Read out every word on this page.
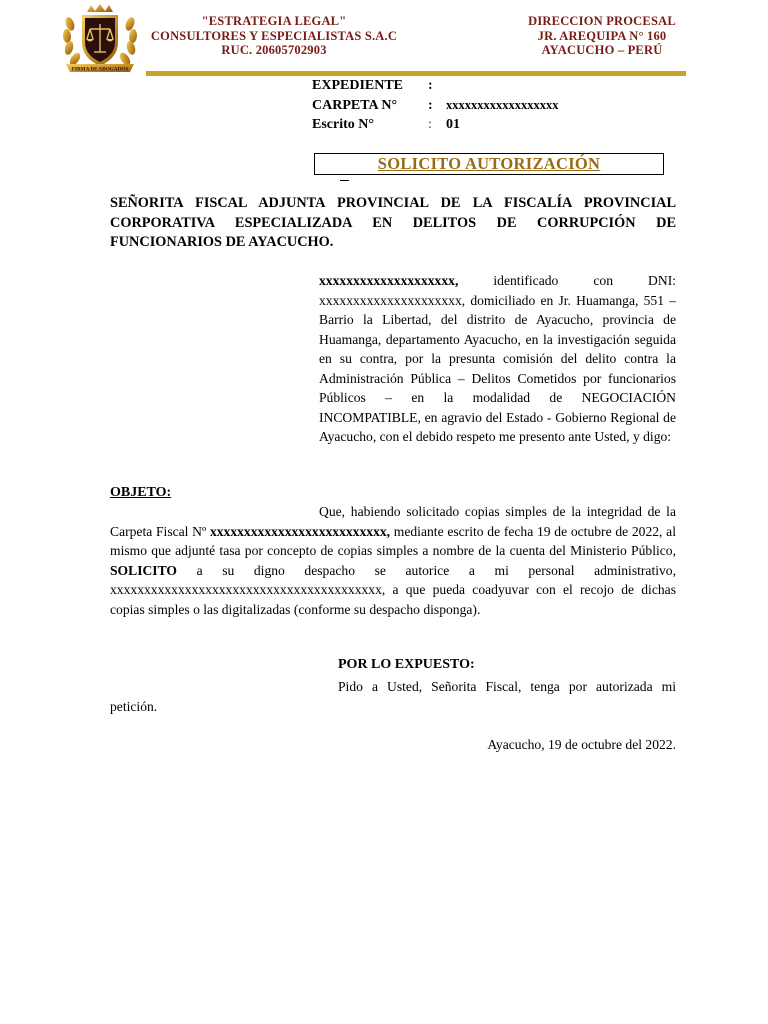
FIRMA DE ABOGADOS
"ESTRATEGIA LEGAL"
CONSULTORES Y ESPECIALISTAS S.A.C
RUC. 20605702903
DIRECCION PROCESAL
JR. AREQUIPA N° 160
AYACUCHO – PERÚ
EXPEDIENTE :
CARPETA N° : xxxxxxxxxxxxxxxxxx
Escrito N°	: 01
SOLICITO AUTORIZACIÓN
SEÑORITA FISCAL ADJUNTA PROVINCIAL DE LA FISCALÍA PROVINCIAL CORPORATIVA ESPECIALIZADA EN DELITOS DE CORRUPCIÓN DE FUNCIONARIOS DE AYACUCHO.
xxxxxxxxxxxxxxxxxxxx, identificado con DNI: xxxxxxxxxxxxxxxxxxxxx, domiciliado en Jr. Huamanga, 551 – Barrio la Libertad, del distrito de Ayacucho, provincia de Huamanga, departamento Ayacucho, en la investigación seguida en su contra, por la presunta comisión del delito contra la Administración Pública – Delitos Cometidos por funcionarios Públicos – en la modalidad de NEGOCIACIÓN INCOMPATIBLE, en agravio del Estado - Gobierno Regional de Ayacucho, con el debido respeto me presento ante Usted, y digo:
OBJETO:
Que, habiendo solicitado copias simples de la integridad de la Carpeta Fiscal Nº xxxxxxxxxxxxxxxxxxxxxxxxxx, mediante escrito de fecha 19 de octubre de 2022, al mismo que adjunté tasa por concepto de copias simples a nombre de la cuenta del Ministerio Público, SOLICITO a su digno despacho se autorice a mi personal administrativo, xxxxxxxxxxxxxxxxxxxxxxxxxxxxxxxxxxxxxxxx, a que pueda coadyuvar con el recojo de dichas copias simples o las digitalizadas (conforme su despacho disponga).
POR LO EXPUESTO:
Pido a Usted, Señorita Fiscal, tenga por autorizada mi petición.
Ayacucho, 19 de octubre del 2022.
